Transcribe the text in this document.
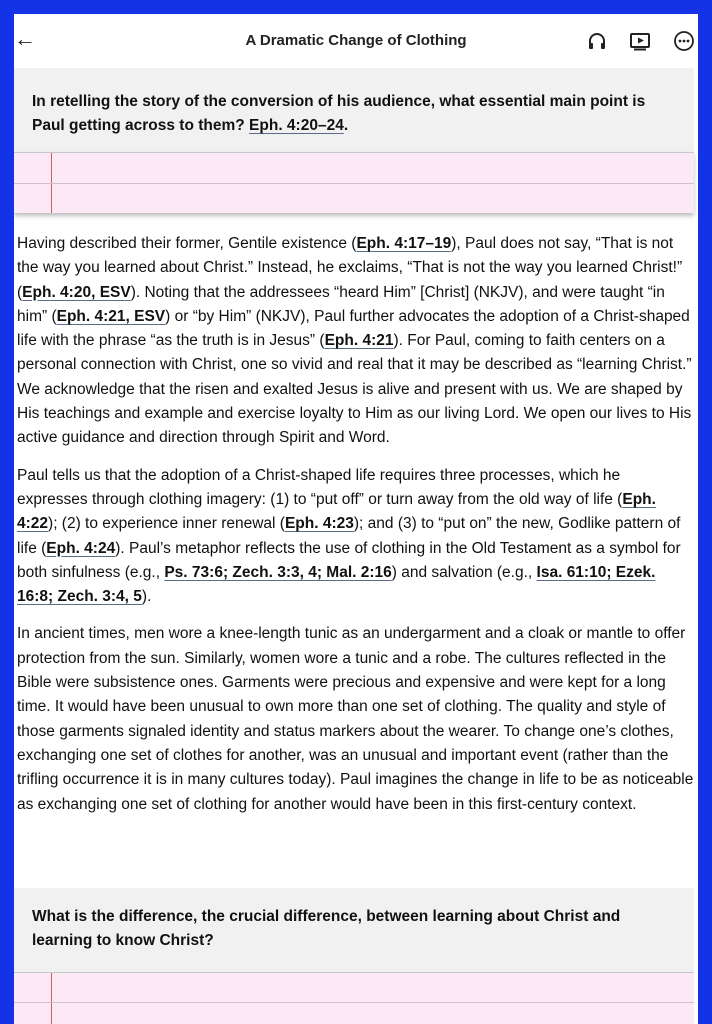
←	A Dramatic Change of Clothing

In retelling the story of the conversion of his audience, what essential main point is Paul getting across to them? Eph. 4:20–24.

Having described their former, Gentile existence (Eph. 4:17–19), Paul does not say, “That is not the way you learned about Christ.” Instead, he exclaims, “That is not the way you learned Christ!” (Eph. 4:20, ESV). Noting that the addressees “heard Him” [Christ] (NKJV), and were taught “in him” (Eph. 4:21, ESV) or “by Him” (NKJV), Paul further advocates the adoption of a Christ-shaped life with the phrase “as the truth is in Jesus” (Eph. 4:21). For Paul, coming to faith centers on a personal connection with Christ, one so vivid and real that it may be described as “learning Christ.” We acknowledge that the risen and exalted Jesus is alive and present with us. We are shaped by His teachings and example and exercise loyalty to Him as our living Lord. We open our lives to His active guidance and direction through Spirit and Word.

Paul tells us that the adoption of a Christ-shaped life requires three processes, which he expresses through clothing imagery: (1) to “put off” or turn away from the old way of life (Eph. 4:22); (2) to experience inner renewal (Eph. 4:23); and (3) to “put on” the new, Godlike pattern of life (Eph. 4:24). Paul’s metaphor reflects the use of clothing in the Old Testament as a symbol for both sinfulness (e.g., Ps. 73:6; Zech. 3:3, 4; Mal. 2:16) and salvation (e.g., Isa. 61:10; Ezek. 16:8; Zech. 3:4, 5).

In ancient times, men wore a knee-length tunic as an undergarment and a cloak or mantle to offer protection from the sun. Similarly, women wore a tunic and a robe. The cultures reflected in the Bible were subsistence ones. Garments were precious and expensive and were kept for a long time. It would have been unusual to own more than one set of clothing. The quality and style of those garments signaled identity and status markers about the wearer. To change one’s clothes, exchanging one set of clothes for another, was an unusual and important event (rather than the trifling occurrence it is in many cultures today). Paul imagines the change in life to be as noticeable as exchanging one set of clothing for another would have been in this first-century context.

What is the difference, the crucial difference, between learning about Christ and learning to know Christ?
